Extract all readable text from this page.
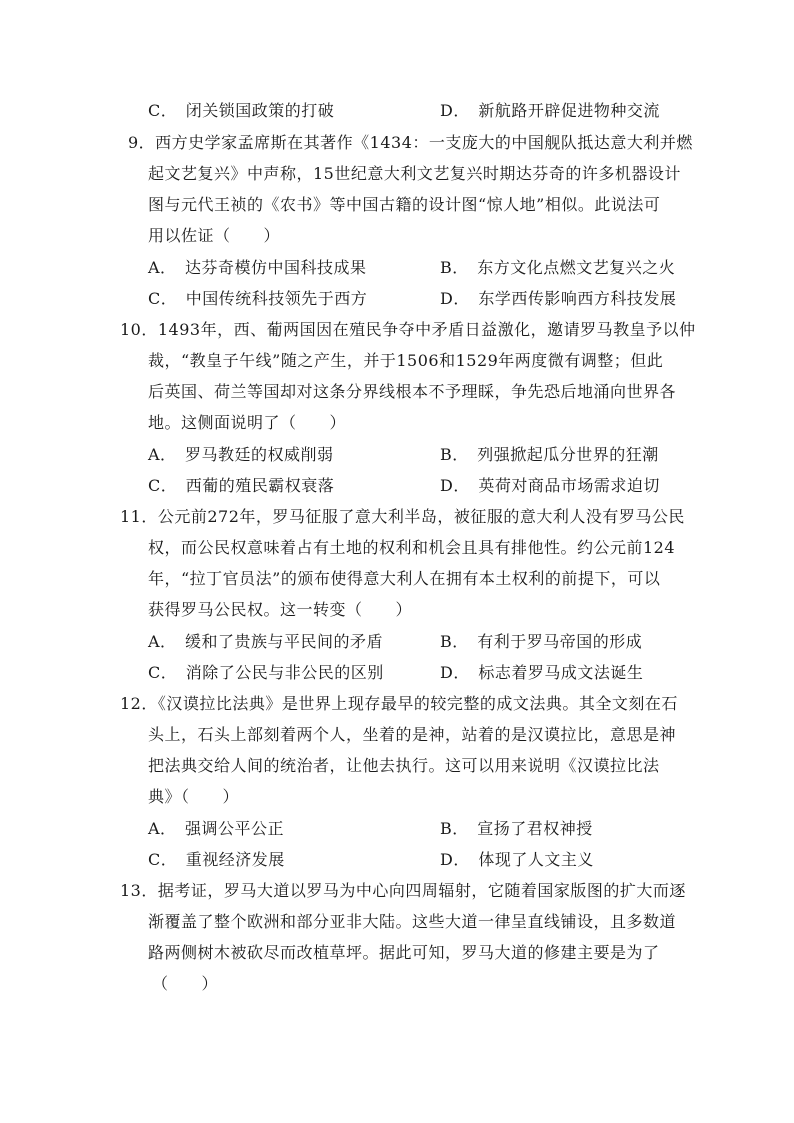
C．　闭关锁国政策的打破	D．　新航路开辟促进物种交流
9．西方史学家孟席斯在其著作《1434：一支庞大的中国舰队抵达意大利并燃
起文艺复兴》中声称，15世纪意大利文艺复兴时期达芬奇的许多机器设计
图与元代王祯的《农书》等中国古籍的设计图“惊人地”相似。此说法可
用以佐证（　　）
A．　达芬奇模仿中国科技成果	B．　东方文化点燃文艺复兴之火
C．　中国传统科技领先于西方	D．　东学西传影响西方科技发展
10．1493年，西、葡两国因在殖民争夺中矛盾日益激化，邀请罗马教皇予以仲
裁，“教皇子午线”随之产生，并于1506和1529年两度微有调整；但此
后英国、荷兰等国却对这条分界线根本不予理睬，争先恐后地涌向世界各
地。这侧面说明了（　　）
A．　罗马教廷的权威削弱	B．　列强掀起瓜分世界的狂潮
C．　西葡的殖民霸权衰落	D．　英荷对商品市场需求迫切
11．公元前272年，罗马征服了意大利半岛，被征服的意大利人没有罗马公民
权，而公民权意味着占有土地的权利和机会且具有排他性。约公元前124
年，“拉丁官员法”的颁布使得意大利人在拥有本土权利的前提下，可以
获得罗马公民权。这一转变（　　）
A．　缓和了贵族与平民间的矛盾	B．　有利于罗马帝国的形成
C．　消除了公民与非公民的区别	D．　标志着罗马成文法诞生
12．《汉谟拉比法典》是世界上现存最早的较完整的成文法典。其全文刻在石
头上，石头上部刻着两个人，坐着的是神，站着的是汉谟拉比，意思是神
把法典交给人间的统治者，让他去执行。这可以用来说明《汉谟拉比法
典》（　　）
A．　强调公平公正	B．　宣扬了君权神授
C．　重视经济发展	D．　体现了人文主义
13．据考证，罗马大道以罗马为中心向四周辐射，它随着国家版图的扩大而逐
渐覆盖了整个欧洲和部分亚非大陆。这些大道一律呈直线铺设，且多数道
路两侧树木被砍尽而改植草坪。据此可知，罗马大道的修建主要是为了
（　　）
